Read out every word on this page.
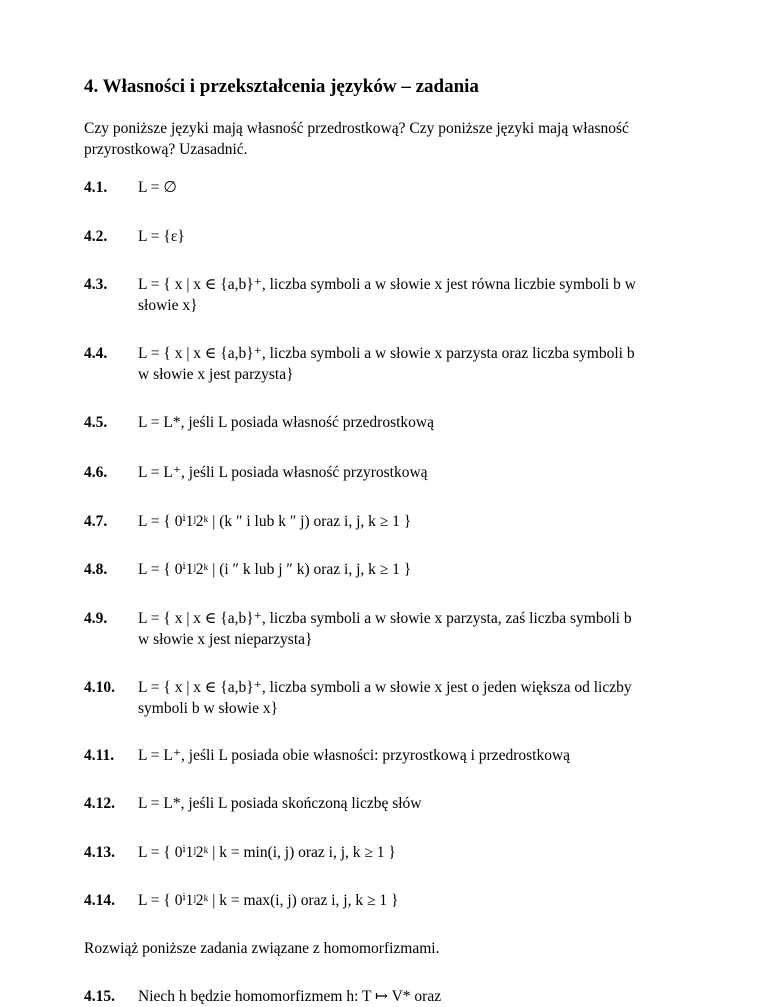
4. Własności i przekształcenia języków – zadania
Czy poniższe języki mają własność przedrostkową? Czy poniższe języki mają własność
przyrostkową? Uzasadnić.
4.1. L = ∅
4.2. L = {ε}
4.3. L = { x | x ∈ {a,b}⁺, liczba symboli a w słowie x jest równa liczbie symboli b w
słowie x}
4.4. L = { x | x ∈ {a,b}⁺, liczba symboli a w słowie x parzysta oraz liczba symboli b
w słowie x jest parzysta}
4.5. L = L*, jeśli L posiada własność przedrostkową
4.6. L = L⁺, jeśli L posiada własność przyrostkową
4.7. L = { 0ⁱ1ʲ2ᵏ | (k ″ i lub k ″ j) oraz i, j, k ≥ 1 }
4.8. L = { 0ⁱ1ʲ2ᵏ | (i ″ k lub j ″ k) oraz i, j, k ≥ 1 }
4.9. L = { x | x ∈ {a,b}⁺, liczba symboli a w słowie x parzysta, zaś liczba symboli b
w słowie x jest nieparzysta}
4.10. L = { x | x ∈ {a,b}⁺, liczba symboli a w słowie x jest o jeden większa od liczby
symboli b w słowie x}
4.11. L = L⁺, jeśli L posiada obie własności: przyrostkową i przedrostkową
4.12. L = L*, jeśli L posiada skończoną liczbę słów
4.13. L = { 0ⁱ1ʲ2ᵏ | k = min(i, j) oraz i, j, k ≥ 1 }
4.14. L = { 0ⁱ1ʲ2ᵏ | k = max(i, j) oraz i, j, k ≥ 1 }
Rozwiąż poniższe zadania związane z homomorfizmami.
4.15. Niech h będzie homomorfizmem h: T ↦ V* oraz
